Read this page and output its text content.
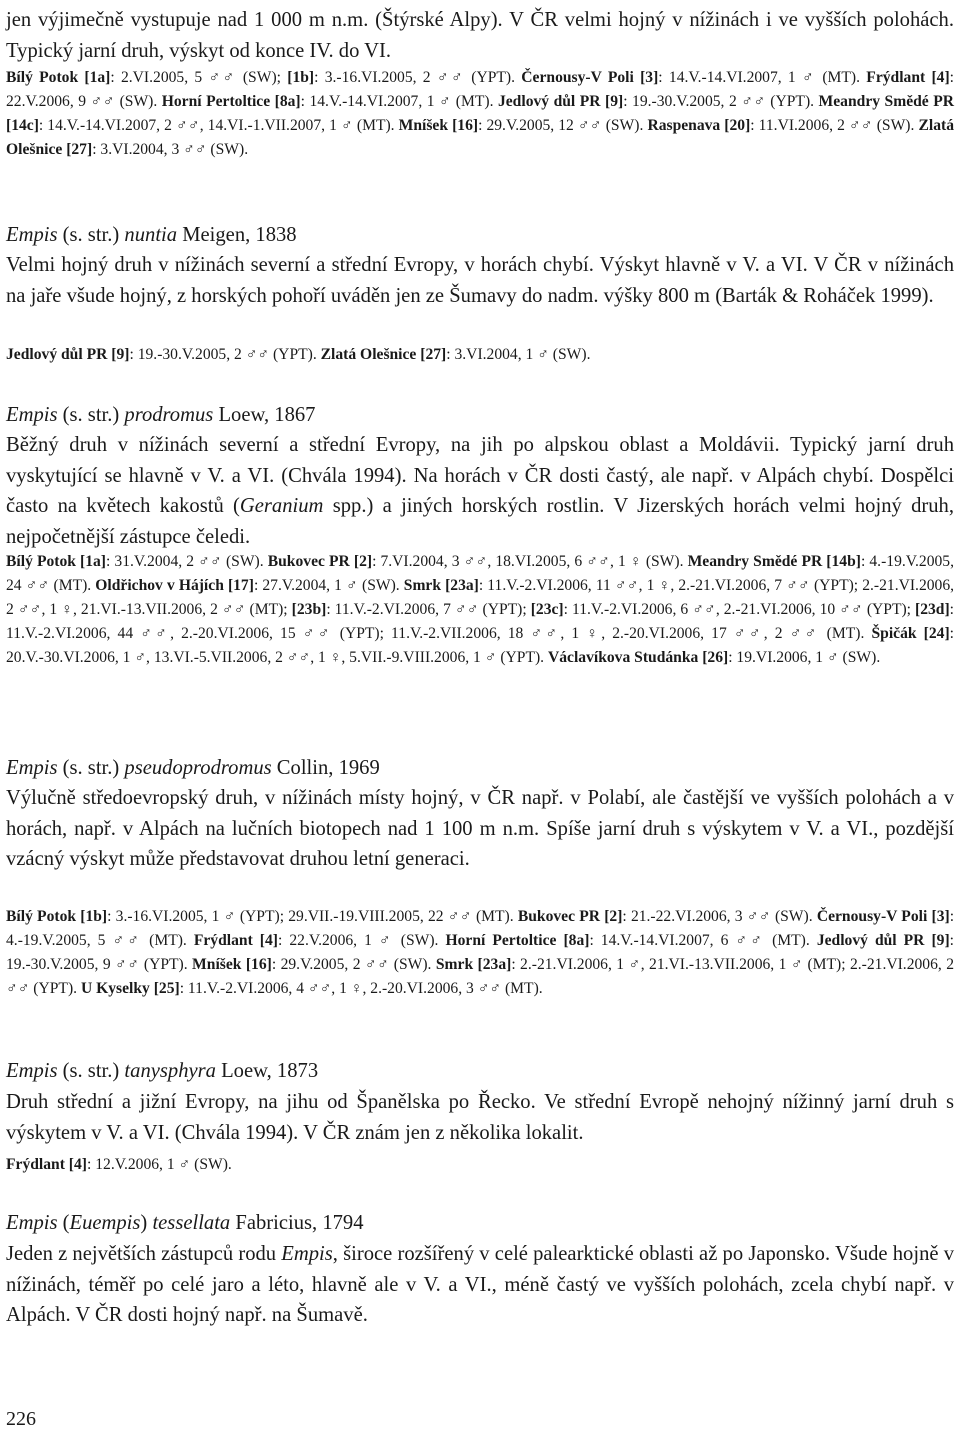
jen výjimečně vystupuje nad 1 000 m n.m. (Štýrské Alpy). V ČR velmi hojný v nížinách i ve vyšších polohách. Typický jarní druh, výskyt od konce IV. do VI.

Bílý Potok [1a]: 2.VI.2005, 5 ♂♂ (SW); [1b]: 3.-16.VI.2005, 2 ♂♂ (YPT). Černousy-V Poli [3]: 14.V.-14.VI.2007, 1 ♂ (MT). Frýdlant [4]: 22.V.2006, 9 ♂♂ (SW). Horní Pertoltice [8a]: 14.V.-14.VI.2007, 1 ♂ (MT). Jedlový důl PR [9]: 19.-30.V.2005, 2 ♂♂ (YPT). Meandry Smědé PR [14c]: 14.V.-14.VI.2007, 2 ♂♂, 14.VI.-1.VII.2007, 1 ♂ (MT). Mníšek [16]: 29.V.2005, 12 ♂♂ (SW). Raspenava [20]: 11.VI.2006, 2 ♂♂ (SW). Zlatá Olešnice [27]: 3.VI.2004, 3 ♂♂ (SW).

Empis (s. str.) nuntia Meigen, 1838

Velmi hojný druh v nížinách severní a střední Evropy, v horách chybí. Výskyt hlavně v V. a VI. V ČR v nížinách na jaře všude hojný, z horských pohoří uváděn jen ze Šumavy do nadm. výšky 800 m (Barták & Roháček 1999).

Jedlový důl PR [9]: 19.-30.V.2005, 2 ♂♂ (YPT). Zlatá Olešnice [27]: 3.VI.2004, 1 ♂ (SW).

Empis (s. str.) prodromus Loew, 1867

Běžný druh v nížinách severní a střední Evropy, na jih po alpskou oblast a Moldávii. Typický jarní druh vyskytující se hlavně v V. a VI. (Chvála 1994). Na horách v ČR dosti častý, ale např. v Alpách chybí. Dospělci často na květech kakostů (Geranium spp.) a jiných horských rostlin. V Jizerských horách velmi hojný druh, nejpočetnější zástupce čeledi.

Bílý Potok [1a]: 31.V.2004, 2 ♂♂ (SW). Bukovec PR [2]: 7.VI.2004, 3 ♂♂, 18.VI.2005, 6 ♂♂, 1 ♀ (SW). Meandry Smědé PR [14b]: 4.-19.V.2005, 24 ♂♂ (MT). Oldřichov v Hájích [17]: 27.V.2004, 1 ♂ (SW). Smrk [23a]: 11.V.-2.VI.2006, 11 ♂♂, 1 ♀, 2.-21.VI.2006, 7 ♂♂ (YPT); 2.-21.VI.2006, 2 ♂♂, 1 ♀, 21.VI.-13.VII.2006, 2 ♂♂ (MT); [23b]: 11.V.-2.VI.2006, 7 ♂♂ (YPT); [23c]: 11.V.-2.VI.2006, 6 ♂♂, 2.-21.VI.2006, 10 ♂♂ (YPT); [23d]: 11.V.-2.VI.2006, 44 ♂♂, 2.-20.VI.2006, 15 ♂♂ (YPT); 11.V.-2.VII.2006, 18 ♂♂, 1 ♀, 2.-20.VI.2006, 17 ♂♂, 2 ♂♂ (MT). Špičák [24]: 20.V.-30.VI.2006, 1 ♂, 13.VI.-5.VII.2006, 2 ♂♂, 1 ♀, 5.VII.-9.VIII.2006, 1 ♂ (YPT). Václavíkova Studánka [26]: 19.VI.2006, 1 ♂ (SW).

Empis (s. str.) pseudoprodromus Collin, 1969

Výlučně středoevropský druh, v nížinách místy hojný, v ČR např. v Polabí, ale častější ve vyšších polohách a v horách, např. v Alpách na lučních biotopech nad 1 100 m n.m. Spíše jarní druh s výskytem v V. a VI., pozdější vzácný výskyt může představovat druhou letní generaci.

Bílý Potok [1b]: 3.-16.VI.2005, 1 ♂ (YPT); 29.VII.-19.VIII.2005, 22 ♂♂ (MT). Bukovec PR [2]: 21.-22.VI.2006, 3 ♂♂ (SW). Černousy-V Poli [3]: 4.-19.V.2005, 5 ♂♂ (MT). Frýdlant [4]: 22.V.2006, 1 ♂ (SW). Horní Pertoltice [8a]: 14.V.-14.VI.2007, 6 ♂♂ (MT). Jedlový důl PR [9]: 19.-30.V.2005, 9 ♂♂ (YPT). Mníšek [16]: 29.V.2005, 2 ♂♂ (SW). Smrk [23a]: 2.-21.VI.2006, 1 ♂, 21.VI.-13.VII.2006, 1 ♂ (MT); 2.-21.VI.2006, 2 ♂♂ (YPT). U Kyselky [25]: 11.V.-2.VI.2006, 4 ♂♂, 1 ♀, 2.-20.VI.2006, 3 ♂♂ (MT).

Empis (s. str.) tanysphyra Loew, 1873

Druh střední a jižní Evropy, na jihu od Španělska po Řecko. Ve střední Evropě nehojný nížinný jarní druh s výskytem v V. a VI. (Chvála 1994). V ČR znám jen z několika lokalit.

Frýdlant [4]: 12.V.2006, 1 ♂ (SW).

Empis (Euempis) tessellata Fabricius, 1794

Jeden z největších zástupců rodu Empis, široce rozšířený v celé palearktické oblasti až po Japonsko. Všude hojně v nížinách, téměř po celé jaro a léto, hlavně ale v V. a VI., méně častý ve vyšších polohách, zcela chybí např. v Alpách. V ČR dosti hojný např. na Šumavě.

226
